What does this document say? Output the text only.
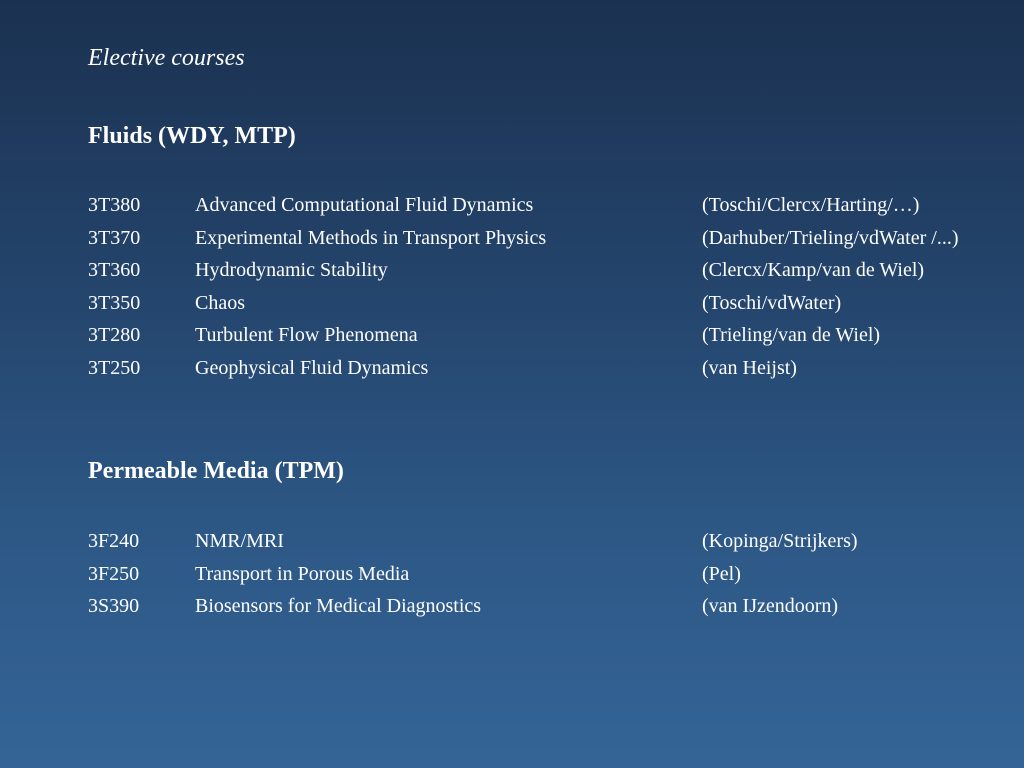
Elective courses
Fluids (WDY, MTP)
3T380	Advanced Computational Fluid Dynamics	(Toschi/Clercx/Harting/…)
3T370	Experimental Methods in Transport Physics	(Darhuber/Trieling/vdWater /...)
3T360	Hydrodynamic Stability	(Clercx/Kamp/van de Wiel)
3T350	Chaos	(Toschi/vdWater)
3T280	Turbulent Flow Phenomena	(Trieling/van de Wiel)
3T250	Geophysical Fluid Dynamics	(van Heijst)
Permeable Media (TPM)
3F240	NMR/MRI	(Kopinga/Strijkers)
3F250	Transport in Porous Media	(Pel)
3S390	Biosensors for Medical Diagnostics	(van IJzendoorn)
